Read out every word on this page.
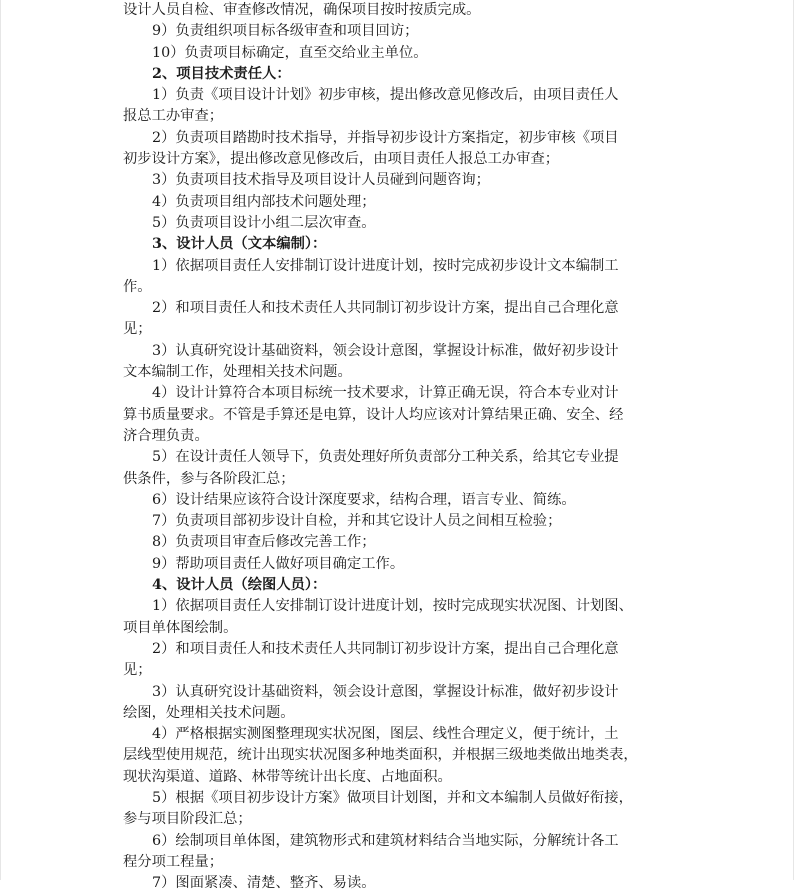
设计人员自检、审查修改情况，确保项目按时按质完成。
9）负责组织项目标各级审查和项目回访；
10）负责项目标确定，直至交给业主单位。
2、项目技术责任人：
1）负责《项目设计计划》初步审核，提出修改意见修改后，由项目责任人
报总工办审查；
2）负责项目踏勘时技术指导，并指导初步设计方案指定，初步审核《项目
初步设计方案》，提出修改意见修改后，由项目责任人报总工办审查；
3）负责项目技术指导及项目设计人员碰到问题咨询；
4）负责项目组内部技术问题处理；
5）负责项目设计小组二层次审查。
3、设计人员（文本编制）：
1）依据项目责任人安排制订设计进度计划，按时完成初步设计文本编制工
作。
2）和项目责任人和技术责任人共同制订初步设计方案，提出自己合理化意
见；
3）认真研究设计基础资料，领会设计意图，掌握设计标准，做好初步设计
文本编制工作，处理相关技术问题。
4）设计计算符合本项目标统一技术要求，计算正确无误，符合本专业对计
算书质量要求。不管是手算还是电算，设计人均应该对计算结果正确、安全、经
济合理负责。
5）在设计责任人领导下，负责处理好所负责部分工种关系，给其它专业提
供条件，参与各阶段汇总；
6）设计结果应该符合设计深度要求，结构合理，语言专业、简练。
7）负责项目部初步设计自检，并和其它设计人员之间相互检验；
8）负责项目审查后修改完善工作；
9）帮助项目责任人做好项目确定工作。
4、设计人员（绘图人员）：
1）依据项目责任人安排制订设计进度计划，按时完成现实状况图、计划图、
项目单体图绘制。
2）和项目责任人和技术责任人共同制订初步设计方案，提出自己合理化意
见；
3）认真研究设计基础资料，领会设计意图，掌握设计标准，做好初步设计
绘图，处理相关技术问题。
4）严格根据实测图整理现实状况图，图层、线性合理定义，便于统计，土
层线型使用规范，统计出现实状况图多种地类面积，并根据三级地类做出地类表，
现状沟渠道、道路、林带等统计出长度、占地面积。
5）根据《项目初步设计方案》做项目计划图，并和文本编制人员做好衔接，
参与项目阶段汇总；
6）绘制项目单体图，建筑物形式和建筑材料结合当地实际，分解统计各工
程分项工程量；
7）图面紧凑、清楚、整齐、易读。
